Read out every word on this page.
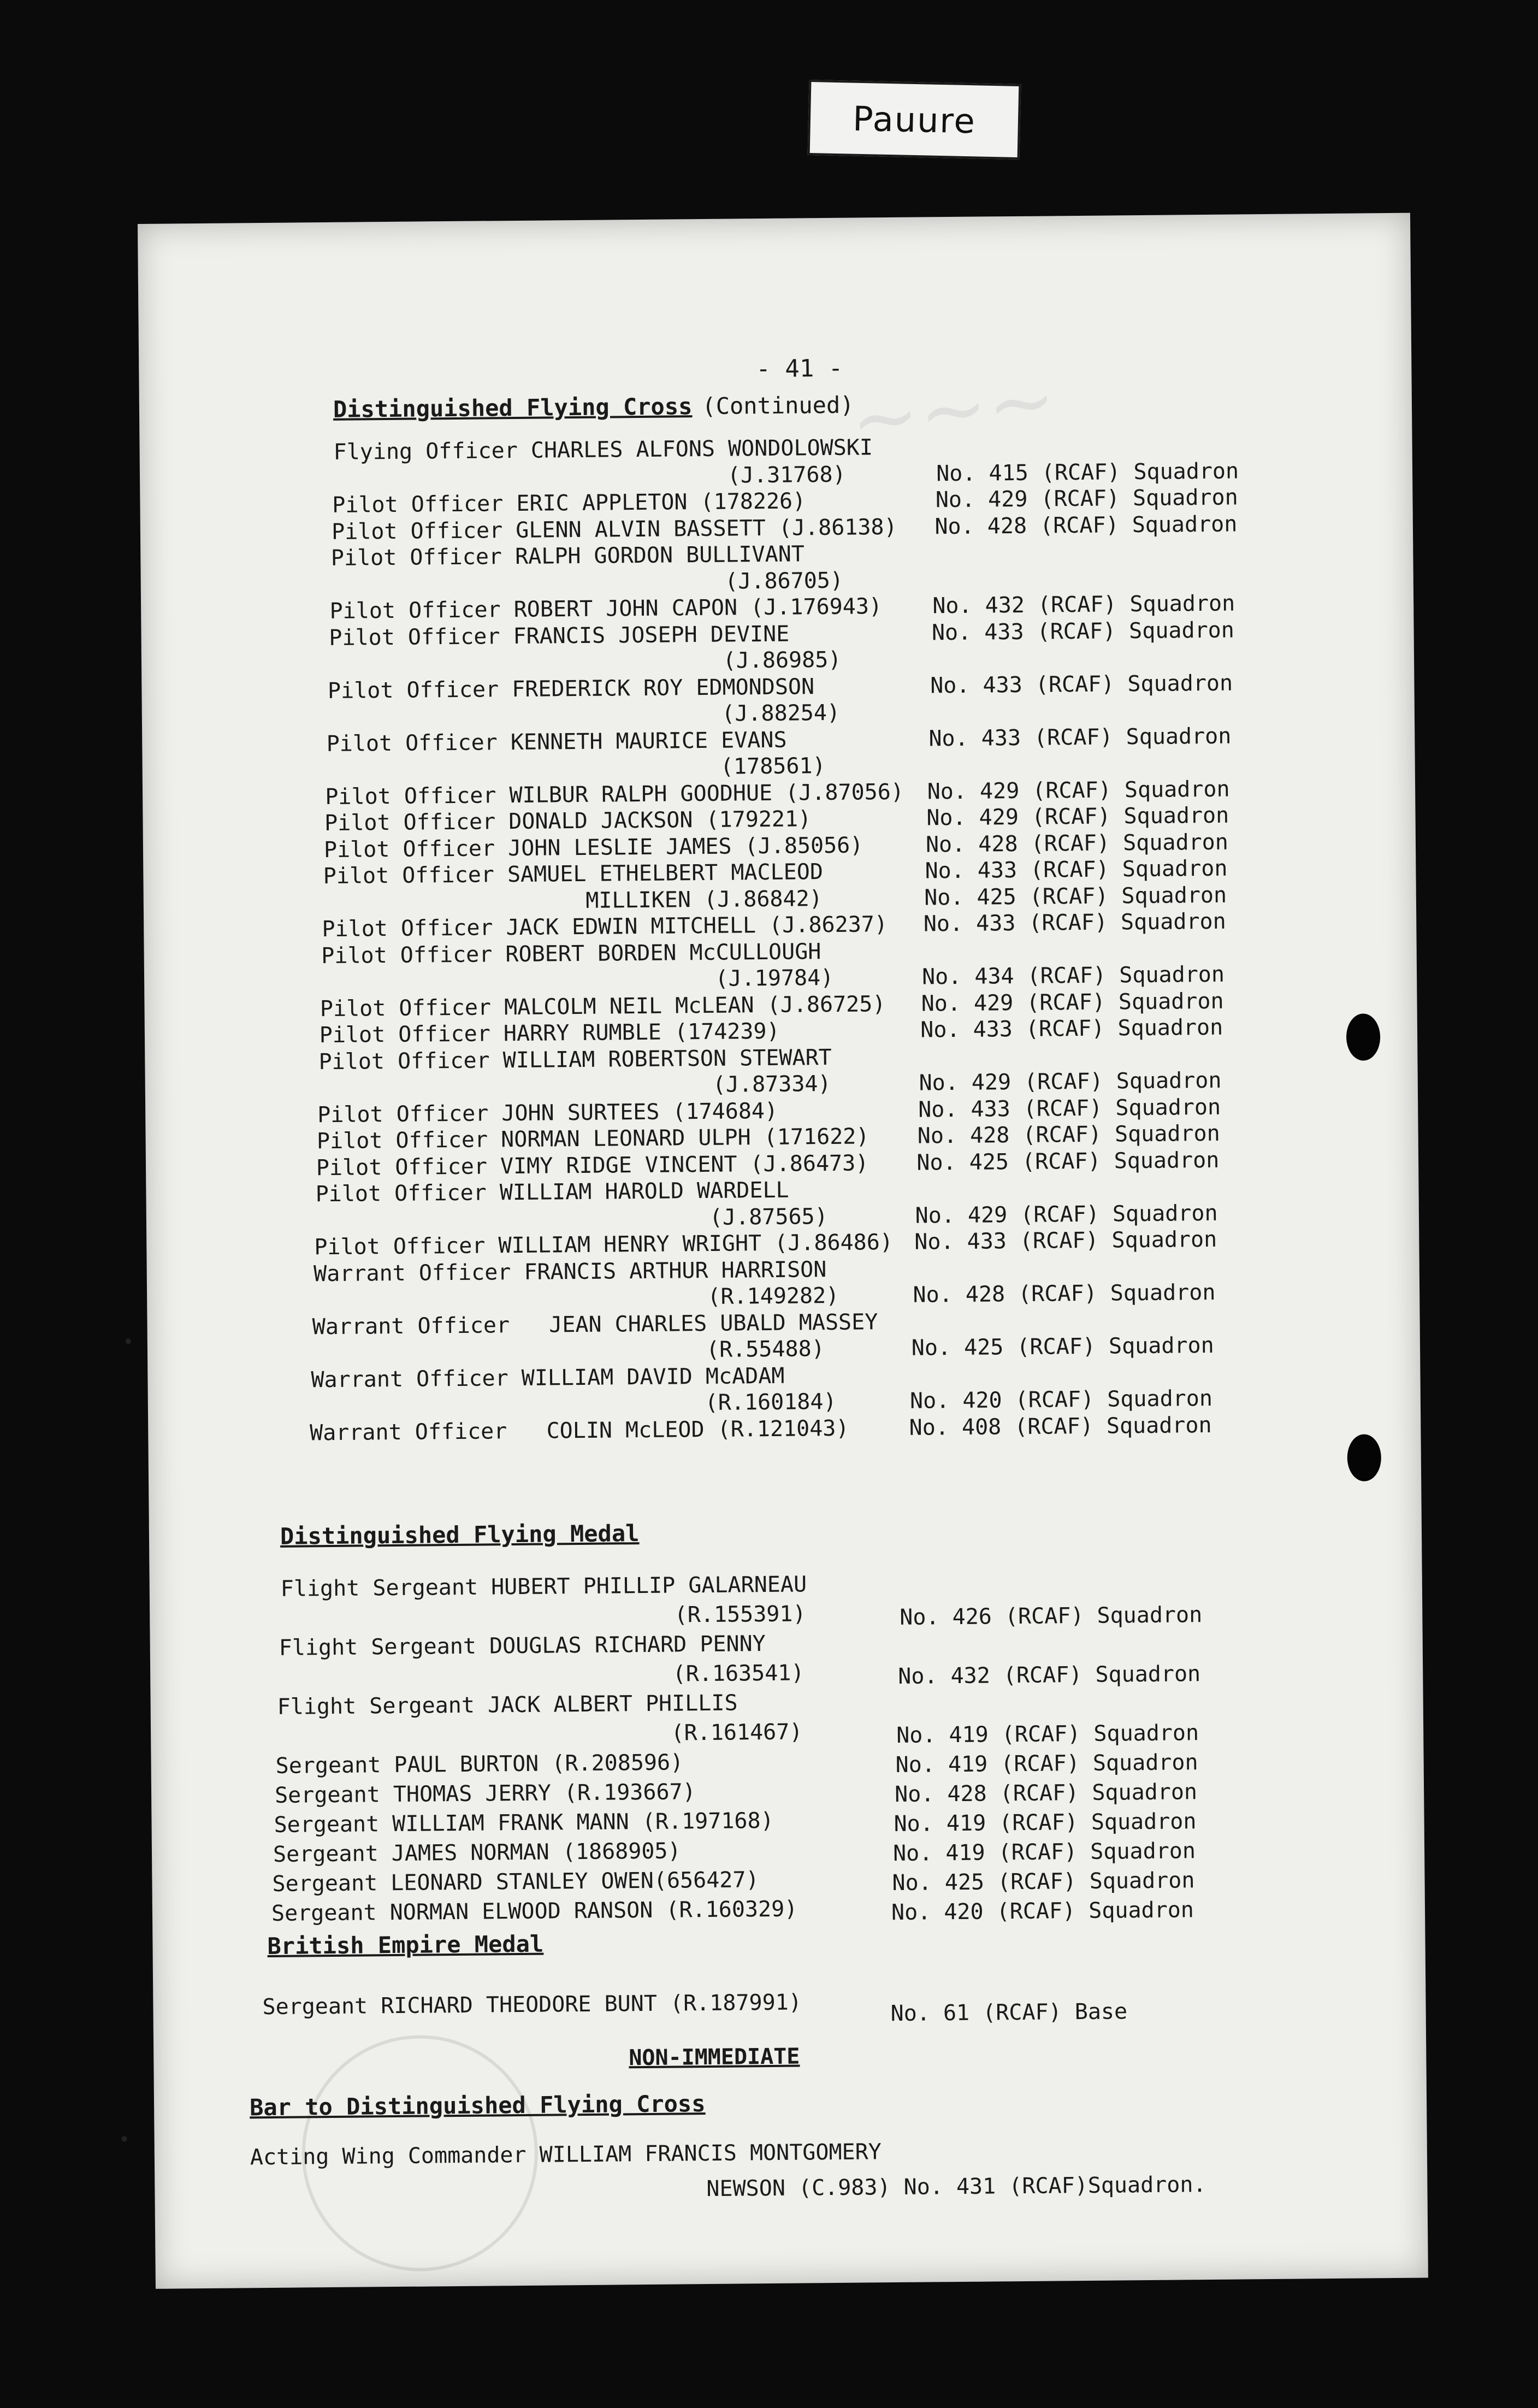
Pauure
~~~
- 41 -
Distinguished Flying Cross (Continued)
Distinguished Flying Medal
British Empire Medal
Sergeant RICHARD THEODORE BUNT (R.187991)	No. 61 (RCAF) Base
NON-IMMEDIATE
Bar to Distinguished Flying Cross
Acting Wing Commander WILLIAM FRANCIS MONTGOMERY
NEWSON (C.983) No. 431 (RCAF)Squadron.
Flying Officer CHARLES ALFONS WONDOLOWSKI
(J.31768)	No. 415 (RCAF) Squadron
Pilot Officer ERIC APPLETON (178226)	No. 429 (RCAF) Squadron
Pilot Officer GLENN ALVIN BASSETT (J.86138) No. 428 (RCAF) Squadron
Pilot Officer RALPH GORDON BULLIVANT
(J.86705)
Pilot Officer ROBERT JOHN CAPON (J.176943) No. 432 (RCAF) Squadron
Pilot Officer FRANCIS JOSEPH DEVINE	No. 433 (RCAF) Squadron
(J.86985)
Pilot Officer FREDERICK ROY EDMONDSON	No. 433 (RCAF) Squadron
(J.88254)
Pilot Officer KENNETH MAURICE EVANS	No. 433 (RCAF) Squadron
(178561)
Pilot Officer WILBUR RALPH GOODHUE (J.87056) No. 429 (RCAF) Squadron
Pilot Officer DONALD JACKSON (179221)	No. 429 (RCAF) Squadron
Pilot Officer JOHN LESLIE JAMES (J.85056)	No. 428 (RCAF) Squadron
Pilot Officer SAMUEL ETHELBERT MACLEOD	No. 433 (RCAF) Squadron
MILLIKEN (J.86842)	No. 425 (RCAF) Squadron
Pilot Officer JACK EDWIN MITCHELL (J.86237) No. 433 (RCAF) Squadron
Pilot Officer ROBERT BORDEN McCULLOUGH
(J.19784)	No. 434 (RCAF) Squadron
Pilot Officer MALCOLM NEIL McLEAN (J.86725) No. 429 (RCAF) Squadron
Pilot Officer HARRY RUMBLE (174239)	No. 433 (RCAF) Squadron
Pilot Officer WILLIAM ROBERTSON STEWART
(J.87334)	No. 429 (RCAF) Squadron
Pilot Officer JOHN SURTEES (174684)	No. 433 (RCAF) Squadron
Pilot Officer NORMAN LEONARD ULPH (171622) No. 428 (RCAF) Squadron
Pilot Officer VIMY RIDGE VINCENT (J.86473) No. 425 (RCAF) Squadron
Pilot Officer WILLIAM HAROLD WARDELL
(J.87565)	No. 429 (RCAF) Squadron
Pilot Officer WILLIAM HENRY WRIGHT (J.86486) No. 433 (RCAF) Squadron
Warrant Officer FRANCIS ARTHUR HARRISON
(R.149282)	No. 428 (RCAF) Squadron
Warrant Officer   JEAN CHARLES UBALD MASSEY
(R.55488)	No. 425 (RCAF) Squadron
Warrant Officer WILLIAM DAVID McADAM
(R.160184)	No. 420 (RCAF) Squadron
Warrant Officer   COLIN McLEOD (R.121043)	No. 408 (RCAF) Squadron
Flight Sergeant HUBERT PHILLIP GALARNEAU
(R.155391)	No. 426 (RCAF) Squadron
Flight Sergeant DOUGLAS RICHARD PENNY
(R.163541)	No. 432 (RCAF) Squadron
Flight Sergeant JACK ALBERT PHILLIS
(R.161467)	No. 419 (RCAF) Squadron
Sergeant PAUL BURTON (R.208596)	No. 419 (RCAF) Squadron
Sergeant THOMAS JERRY (R.193667)	No. 428 (RCAF) Squadron
Sergeant WILLIAM FRANK MANN (R.197168)	No. 419 (RCAF) Squadron
Sergeant JAMES NORMAN (1868905)	No. 419 (RCAF) Squadron
Sergeant LEONARD STANLEY OWEN(656427)	No. 425 (RCAF) Squadron
Sergeant NORMAN ELWOOD RANSON (R.160329)	No. 420 (RCAF) Squadron
